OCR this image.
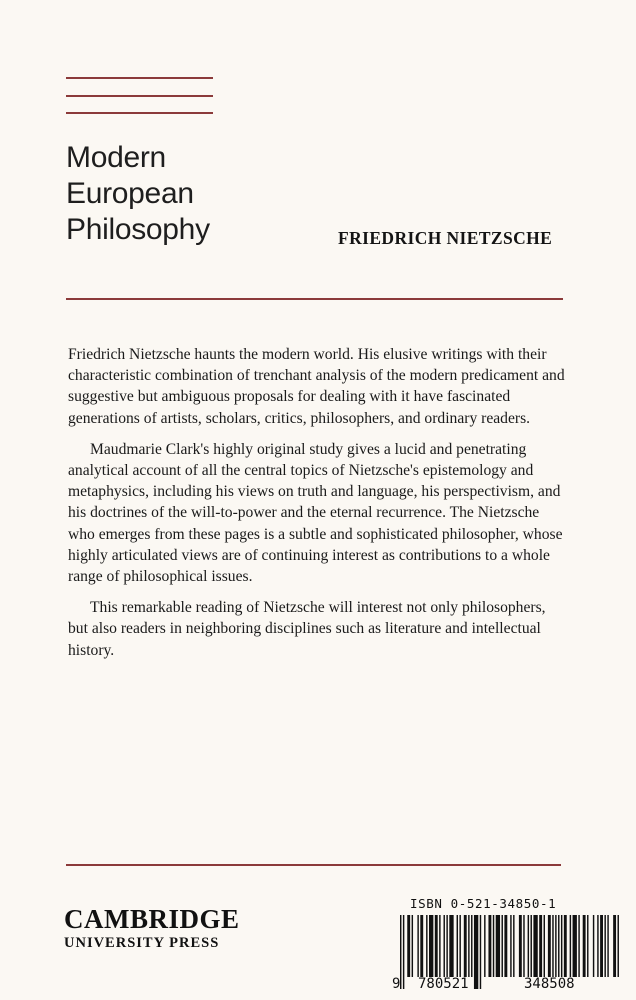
Modern
European
Philosophy	FRIEDRICH NIETZSCHE

Friedrich Nietzsche haunts the modern world. His elusive writings with their characteristic combination of trenchant analysis of the modern predicament and suggestive but ambiguous proposals for dealing with it have fascinated generations of artists, scholars, critics, philosophers, and ordinary readers.

Maudmarie Clark's highly original study gives a lucid and penetrating analytical account of all the central topics of Nietzsche's epistemology and metaphysics, including his views on truth and language, his perspectivism, and his doctrines of the will-to-power and the eternal recurrence. The Nietzsche who emerges from these pages is a subtle and sophisticated philosopher, whose highly articulated views are of continuing interest as contributions to a whole range of philosophical issues.

This remarkable reading of Nietzsche will interest not only philosophers, but also readers in neighboring disciplines such as literature and intellectual history.

CAMBRIDGE
UNIVERSITY PRESS
ISBN 0-521-34850-1
9 780521	348508
